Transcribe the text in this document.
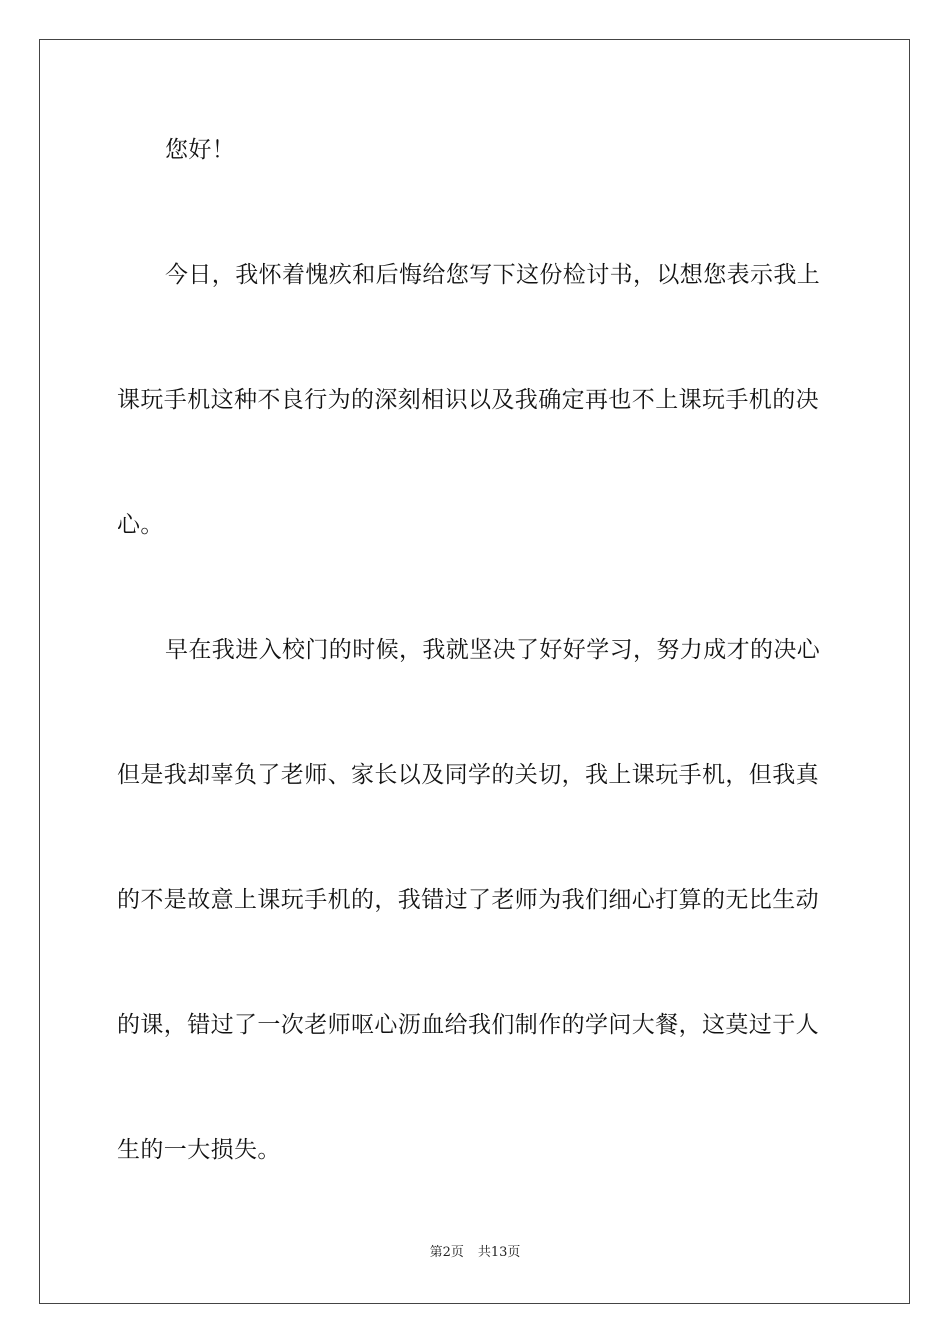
您好！
今日，我怀着愧疚和后悔给您写下这份检讨书，以想您表示我上
课玩手机这种不良行为的深刻相识以及我确定再也不上课玩手机的决
心。
早在我进入校门的时候，我就坚决了好好学习，努力成才的决心
但是我却辜负了老师、家长以及同学的关切，我上课玩手机，但我真
的不是故意上课玩手机的，我错过了老师为我们细心打算的无比生动
的课，错过了一次老师呕心沥血给我们制作的学问大餐，这莫过于人
生的一大损失。
第2页 共13页
